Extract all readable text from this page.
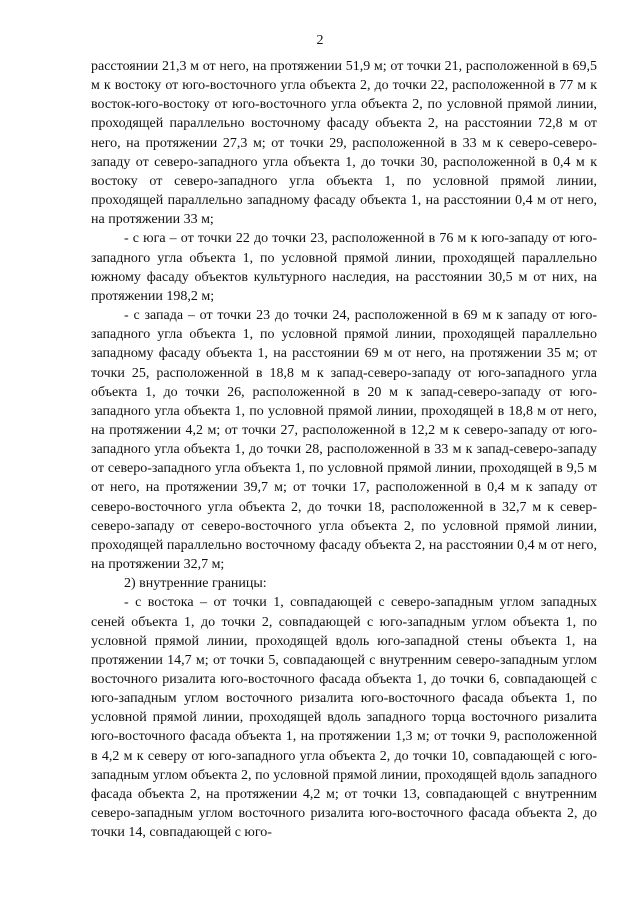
2

расстоянии 21,3 м от него, на протяжении 51,9 м; от точки 21, расположенной в 69,5 м к востоку от юго-восточного угла объекта 2, до точки 22, расположенной в 77 м к восток-юго-востоку от юго-восточного угла объекта 2, по условной прямой линии, проходящей параллельно восточному фасаду объекта 2, на расстоянии 72,8 м от него, на протяжении 27,3 м; от точки 29, расположенной в 33 м к северо-северо-западу от северо-западного угла объекта 1, до точки 30, расположенной в 0,4 м к востоку от северо-западного угла объекта 1, по условной прямой линии, проходящей параллельно западному фасаду объекта 1, на расстоянии 0,4 м от него, на протяжении 33 м;

- с юга – от точки 22 до точки 23, расположенной в 76 м к юго-западу от юго-западного угла объекта 1, по условной прямой линии, проходящей параллельно южному фасаду объектов культурного наследия, на расстоянии 30,5 м от них, на протяжении 198,2 м;

- с запада – от точки 23 до точки 24, расположенной в 69 м к западу от юго-западного угла объекта 1, по условной прямой линии, проходящей параллельно западному фасаду объекта 1, на расстоянии 69 м от него, на протяжении 35 м; от точки 25, расположенной в 18,8 м к запад-северо-западу от юго-западного угла объекта 1, до точки 26, расположенной в 20 м к запад-северо-западу от юго-западного угла объекта 1, по условной прямой линии, проходящей в 18,8 м от него, на протяжении 4,2 м; от точки 27, расположенной в 12,2 м к северо-западу от юго-западного угла объекта 1, до точки 28, расположенной в 33 м к запад-северо-западу от северо-западного угла объекта 1, по условной прямой линии, проходящей в 9,5 м от него, на протяжении 39,7 м; от точки 17, расположенной в 0,4 м к западу от северо-восточного угла объекта 2, до точки 18, расположенной в 32,7 м к север-северо-западу от северо-восточного угла объекта 2, по условной прямой линии, проходящей параллельно восточному фасаду объекта 2, на расстоянии 0,4 м от него, на протяжении 32,7 м;

2) внутренние границы:

- с востока – от точки 1, совпадающей с северо-западным углом западных сеней объекта 1, до точки 2, совпадающей с юго-западным углом объекта 1, по условной прямой линии, проходящей вдоль юго-западной стены объекта 1, на протяжении 14,7 м; от точки 5, совпадающей с внутренним северо-западным углом восточного ризалита юго-восточного фасада объекта 1, до точки 6, совпадающей с юго-западным углом восточного ризалита юго-восточного фасада объекта 1, по условной прямой линии, проходящей вдоль западного торца восточного ризалита юго-восточного фасада объекта 1, на протяжении 1,3 м; от точки 9, расположенной в 4,2 м к северу от юго-западного угла объекта 2, до точки 10, совпадающей с юго-западным углом объекта 2, по условной прямой линии, проходящей вдоль западного фасада объекта 2, на протяжении 4,2 м; от точки 13, совпадающей с внутренним северо-западным углом восточного ризалита юго-восточного фасада объекта 2, до точки 14, совпадающей с юго-
